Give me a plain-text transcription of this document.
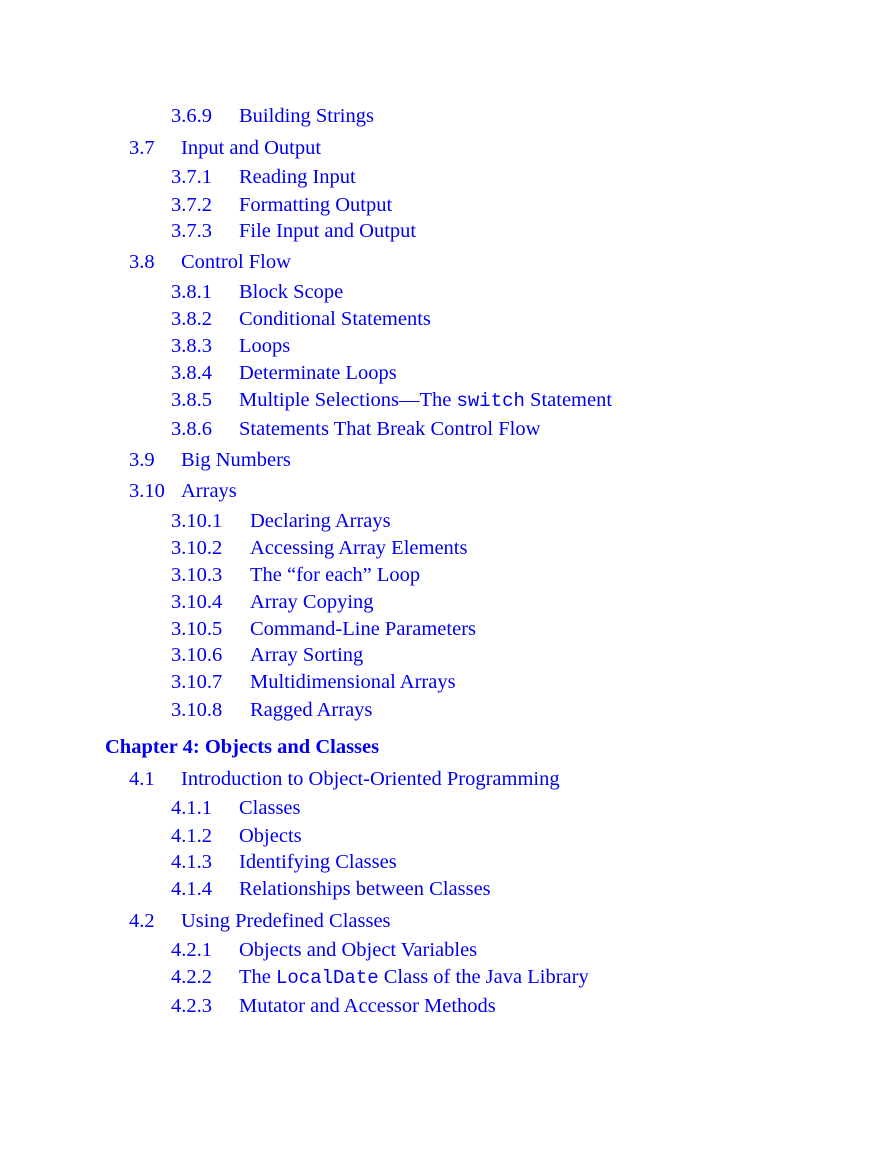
3.6.9 Building Strings
3.7 Input and Output
3.7.1 Reading Input
3.7.2 Formatting Output
3.7.3 File Input and Output
3.8 Control Flow
3.8.1 Block Scope
3.8.2 Conditional Statements
3.8.3 Loops
3.8.4 Determinate Loops
3.8.5 Multiple Selections—The switch Statement
3.8.6 Statements That Break Control Flow
3.9 Big Numbers
3.10 Arrays
3.10.1 Declaring Arrays
3.10.2 Accessing Array Elements
3.10.3 The “for each” Loop
3.10.4 Array Copying
3.10.5 Command-Line Parameters
3.10.6 Array Sorting
3.10.7 Multidimensional Arrays
3.10.8 Ragged Arrays
Chapter 4: Objects and Classes
4.1 Introduction to Object-Oriented Programming
4.1.1 Classes
4.1.2 Objects
4.1.3 Identifying Classes
4.1.4 Relationships between Classes
4.2 Using Predefined Classes
4.2.1 Objects and Object Variables
4.2.2 The LocalDate Class of the Java Library
4.2.3 Mutator and Accessor Methods
